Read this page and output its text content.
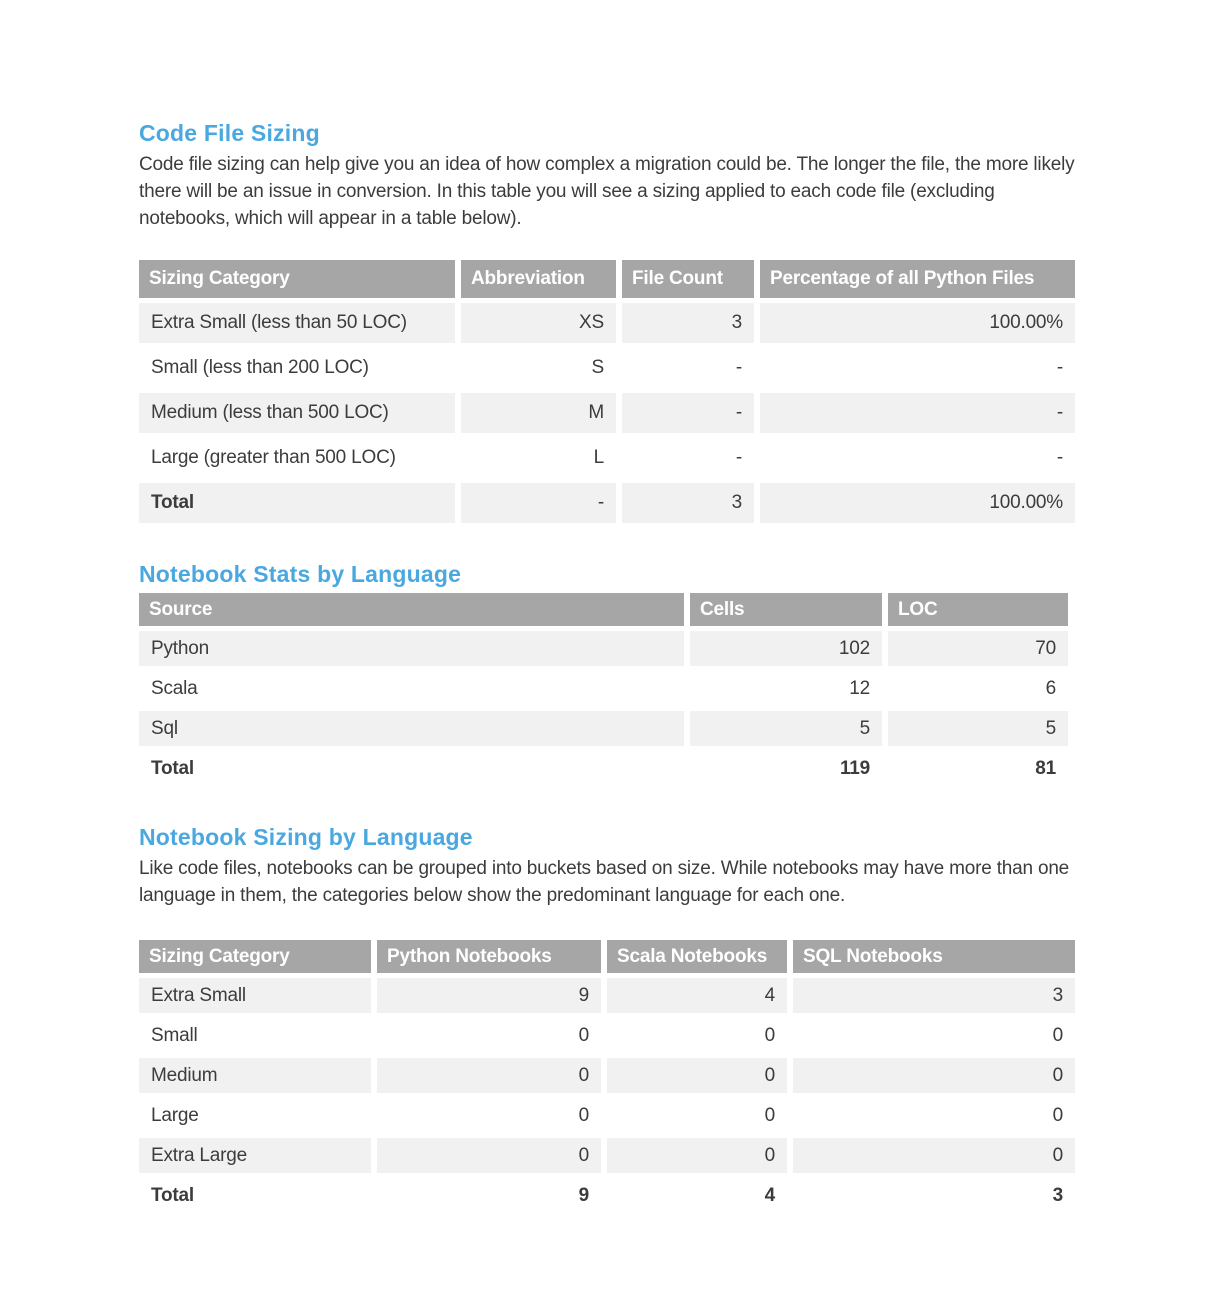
Code File Sizing

Code file sizing can help give you an idea of how complex a migration could be. The longer the file, the more likely there will be an issue in conversion. In this table you will see a sizing applied to each code file (excluding notebooks, which will appear in a table below).

Sizing Category	Abbreviation	File Count	Percentage of all Python Files
Extra Small (less than 50 LOC)	XS	3	100.00%
Small (less than 200 LOC)	S	-	-
Medium (less than 500 LOC)	M	-	-
Large (greater than 500 LOC)	L	-	-
Total	-	3	100.00%
Notebook Stats by Language
Source	Cells	LOC
Python	102	70
Scala	12	6
Sql	5	5
Total	119	81
Notebook Sizing by Language

Like code files, notebooks can be grouped into buckets based on size. While notebooks may have more than one language in them, the categories below show the predominant language for each one.

Sizing Category	Python Notebooks	Scala Notebooks	SQL Notebooks
Extra Small	9	4	3
Small	0	0	0
Medium	0	0	0
Large	0	0	0
Extra Large	0	0	0
Total	9	4	3
